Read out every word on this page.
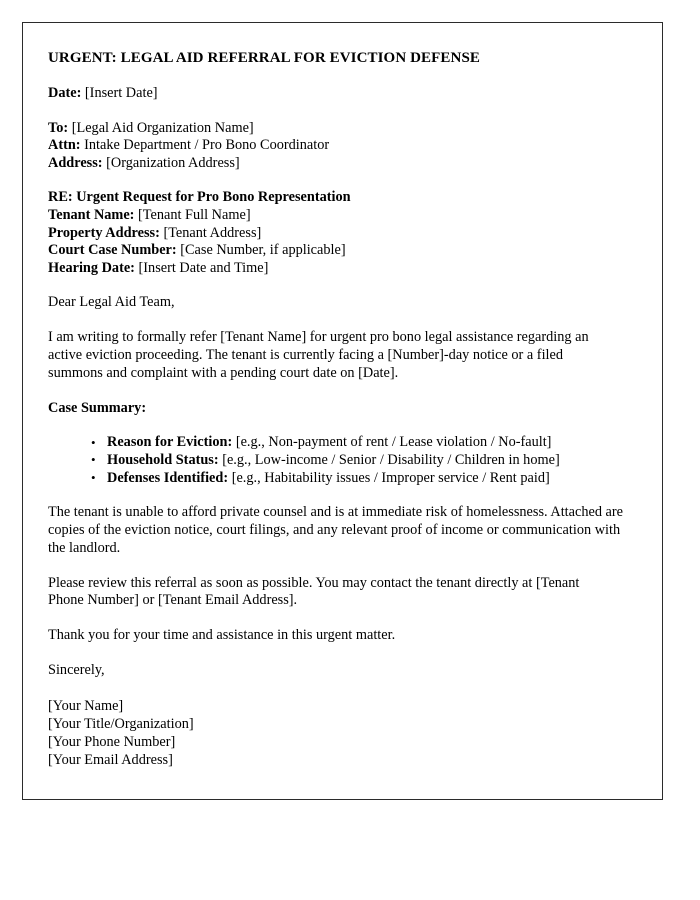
URGENT: LEGAL AID REFERRAL FOR EVICTION DEFENSE

Date: [Insert Date]

To: [Legal Aid Organization Name]

Attn: Intake Department / Pro Bono Coordinator

Address: [Organization Address]

RE: Urgent Request for Pro Bono Representation

Tenant Name: [Tenant Full Name]

Property Address: [Tenant Address]

Court Case Number: [Case Number, if applicable]

Hearing Date: [Insert Date and Time]

Dear Legal Aid Team,

I am writing to formally refer [Tenant Name] for urgent pro bono legal assistance regarding an active eviction proceeding. The tenant is currently facing a [Number]-day notice or a filed summons and complaint with a pending court date on [Date].

Case Summary:

• Reason for Eviction: [e.g., Non-payment of rent / Lease violation / No-fault]
• Household Status: [e.g., Low-income / Senior / Disability / Children in home]
• Defenses Identified: [e.g., Habitability issues / Improper service / Rent paid]

The tenant is unable to afford private counsel and is at immediate risk of homelessness. Attached are copies of the eviction notice, court filings, and any relevant proof of income or communication with the landlord.

Please review this referral as soon as possible. You may contact the tenant directly at [Tenant Phone Number] or [Tenant Email Address].

Thank you for your time and assistance in this urgent matter.

Sincerely,

[Your Name]

[Your Title/Organization]

[Your Phone Number]

[Your Email Address]
